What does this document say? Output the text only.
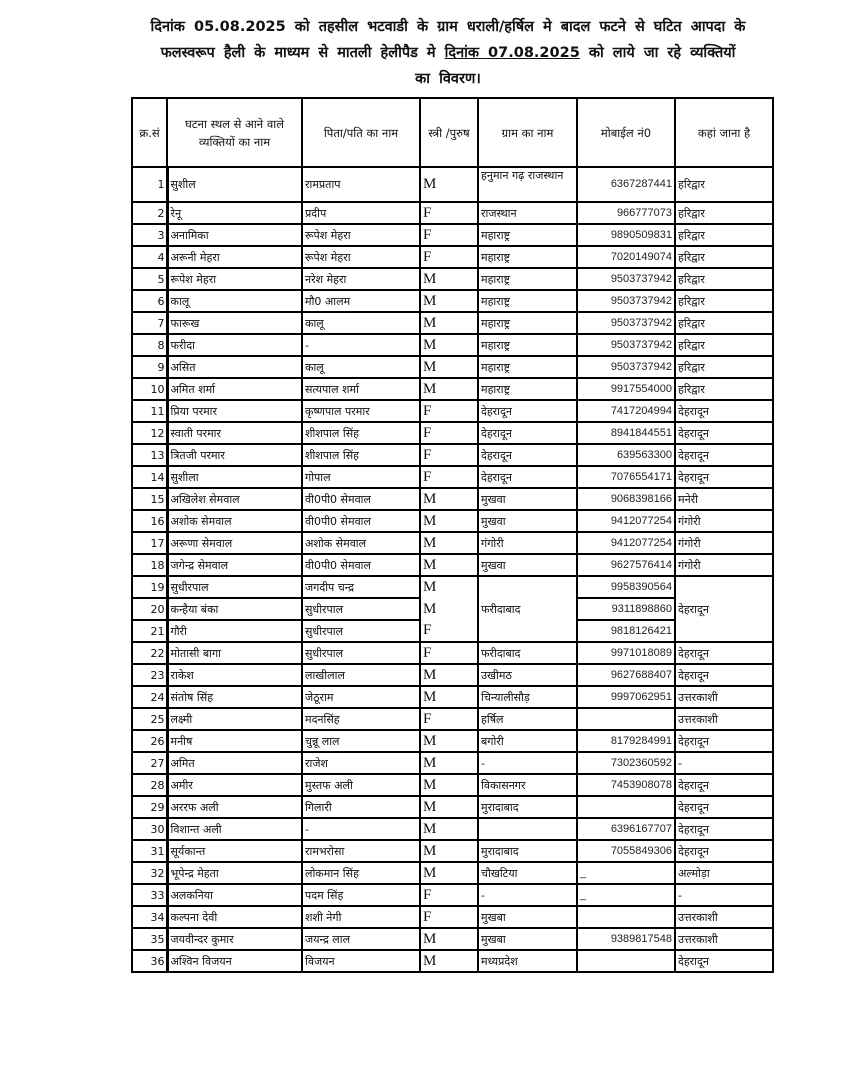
दिनांक 05.08.2025 को तहसील भटवाडी के ग्राम धराली/हर्षिल मे बादल फटने से घटित आपदा के
फलस्वरूप हैली के माध्यम से मातली हेलीपैड मे दिनांक 07.08.2025 को लाये जा रहे व्यक्तियों
का विवरण।
क्र.सं	घटना स्थल से आने वाले व्यक्तियों का नाम	पिता/पति का नाम	स्त्री /पुरुष	ग्राम का नाम	मोबाईल नं0	कहां जाना है
1	सुशील	रामप्रताप	M	हनुमान गढ़ राजस्थान	6367287441	हरिद्वार
2	रेनू	प्रदीप	F	राजस्थान	966777073	हरिद्वार
3	अनामिका	रूपेश मेहरा	F	महाराष्ट्र	9890509831	हरिद्वार
4	अरूनी मेहरा	रूपेश मेहरा	F	महाराष्ट्र	7020149074	हरिद्वार
5	रूपेश मेहरा	नरेश मेहरा	M	महाराष्ट्र	9503737942	हरिद्वार
6	कालू	मौ0 आलम	M	महाराष्ट्र	9503737942	हरिद्वार
7	फारूख	कालू	M	महाराष्ट्र	9503737942	हरिद्वार
8	फरीदा	-	M	महाराष्ट्र	9503737942	हरिद्वार
9	असित	कालू	M	महाराष्ट्र	9503737942	हरिद्वार
10	अमित शर्मा	सत्यपाल शर्मा	M	महाराष्ट्र	9917554000	हरिद्वार
11	प्रिया परमार	कृष्णपाल परमार	F	देहरादून	7417204994	देहरादून
12	स्वाती परमार	शीशपाल सिंह	F	देहरादून	8941844551	देहरादून
13	त्रितजी परमार	शीशपाल सिंह	F	देहरादून	639563300	देहरादून
14	सुशीला	गोपाल	F	देहरादून	7076554171	देहरादून
15	अखिलेश सेमवाल	वी0पी0 सेमवाल	M	मुखवा	9068398166	मनेरी
16	अशोक सेमवाल	वी0पी0 सेमवाल	M	मुखवा	9412077254	गंगोरी
17	अरूणा सेमवाल	अशोक सेमवाल	M	गंगोरी	9412077254	गंगोरी
18	जगेन्द्र सेमवाल	वी0पी0 सेमवाल	M	मुखवा	9627576414	गंगोरी
19	सुधीरपाल	जगदीप चन्द्र	M	फरीदाबाद	9958390564	देहरादून
20	कन्हैया बंका	सुधीरपाल	M		9311898860	
21	गौरी	सुधीरपाल	F		9818126421	
22	मोतासी बागा	सुधीरपाल	F	फरीदाबाद	9971018089	देहरादून
23	राकेश	लाखीलाल	M	उखीमठ	9627688407	देहरादून
24	संतोष सिंह	जेठूराम	M	चिन्यालीसौड़	9997062951	उत्तरकाशी
25	लक्ष्मी	मदनसिंह	F	हर्षिल		उत्तरकाशी
26	मनीष	चुन्नू लाल	M	बगोरी	8179284991	देहरादून
27	अमित	राजेश	M	-	7302360592	-
28	अमीर	मुस्तफ अली	M	विकासनगर	7453908078	देहरादून
29	अररफ अली	गिलारी	M	मुरादाबाद		देहरादून
30	विशान्त अली	-	M		6396167707	देहरादून
31	सूर्यकान्त	रामभरोसा	M	मुरादाबाद	7055849306	देहरादून
32	भूपेन्द्र मेहता	लोकमान सिंह	M	चौखटिया	_	अल्मोड़ा
33	अलकनिया	पदम सिंह	F	-	_	-
34	कल्पना देवी	शशी नेगी	F	मुखबा		उत्तरकाशी
35	जयवीन्दर कुमार	जयन्द्र लाल	M	मुखबा	9389817548	उत्तरकाशी
36	अश्विन विजयन	विजयन	M	मध्यप्रदेश		देहरादून
